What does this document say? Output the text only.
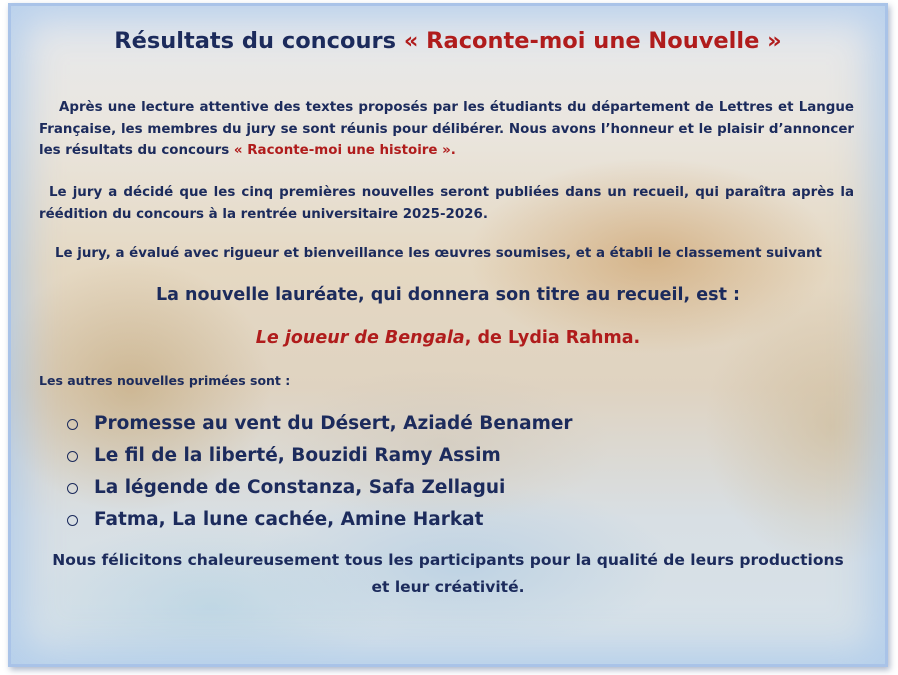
Résultats du concours « Raconte-moi une Nouvelle »
Après une lecture attentive des textes proposés par les étudiants du département de Lettres et Langue Française, les membres du jury se sont réunis pour délibérer. Nous avons l’honneur et le plaisir d’annoncer les résultats du concours « Raconte-moi une histoire ».
Le jury a décidé que les cinq premières nouvelles seront publiées dans un recueil, qui paraîtra après la réédition du concours à la rentrée universitaire 2025-2026.
Le jury, a évalué avec rigueur et bienveillance les œuvres soumises, et a établi le classement suivant
La nouvelle lauréate, qui donnera son titre au recueil, est :
Le joueur de Bengala, de Lydia Rahma.
Les autres nouvelles primées sont :
Promesse au vent du Désert, Aziadé Benamer
Le fil de la liberté, Bouzidi Ramy Assim
La légende de Constanza, Safa Zellagui
Fatma, La lune cachée, Amine Harkat
Nous félicitons chaleureusement tous les participants pour la qualité de leurs productions et leur créativité.
